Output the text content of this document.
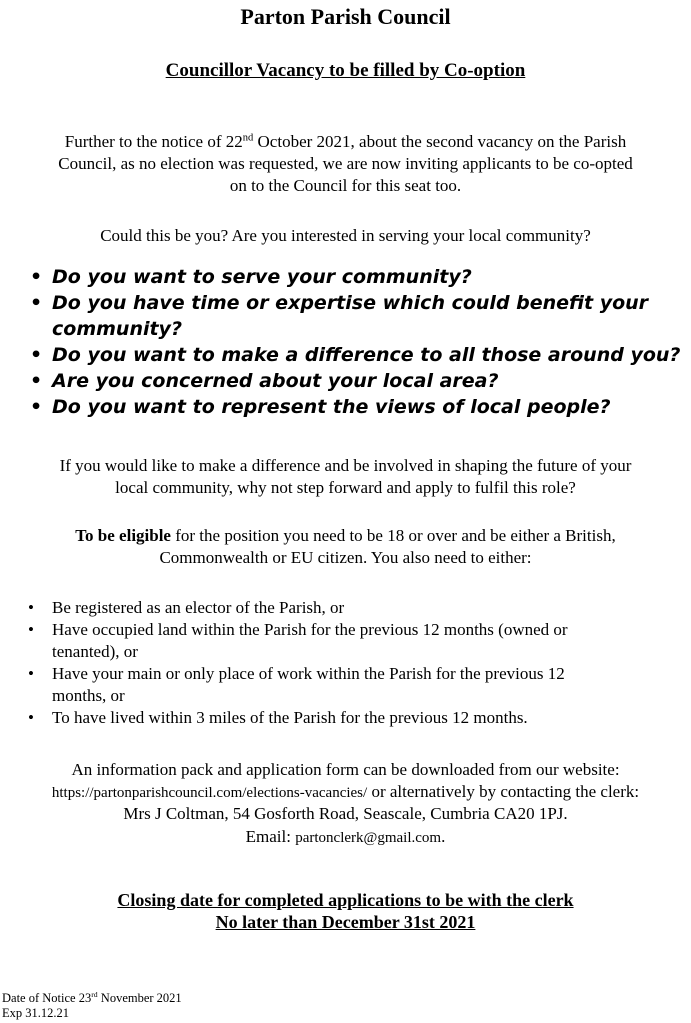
Parton Parish Council
Councillor Vacancy to be filled by Co-option
Further to the notice of 22nd October 2021, about the second vacancy on the Parish
Council, as no election was requested, we are now inviting applicants to be co-opted
on to the Council for this seat too.
Could this be you? Are you interested in serving your local community?
• Do you want to serve your community?
• Do you have time or expertise which could benefit your
community?
• Do you want to make a difference to all those around you?
• Are you concerned about your local area?
• Do you want to represent the views of local people?
If you would like to make a difference and be involved in shaping the future of your
local community, why not step forward and apply to fulfil this role?
To be eligible for the position you need to be 18 or over and be either a British,
Commonwealth or EU citizen. You also need to either:
• Be registered as an elector of the Parish, or
• Have occupied land within the Parish for the previous 12 months (owned or
tenanted), or
• Have your main or only place of work within the Parish for the previous 12
months, or
• To have lived within 3 miles of the Parish for the previous 12 months.
An information pack and application form can be downloaded from our website:
https://partonparishcouncil.com/elections-vacancies/ or alternatively by contacting the clerk:
Mrs J Coltman, 54 Gosforth Road, Seascale, Cumbria CA20 1PJ.
Email: partonclerk@gmail.com.
Closing date for completed applications to be with the clerk
No later than December 31st 2021
Date of Notice 23rd November 2021
Exp 31.12.21
